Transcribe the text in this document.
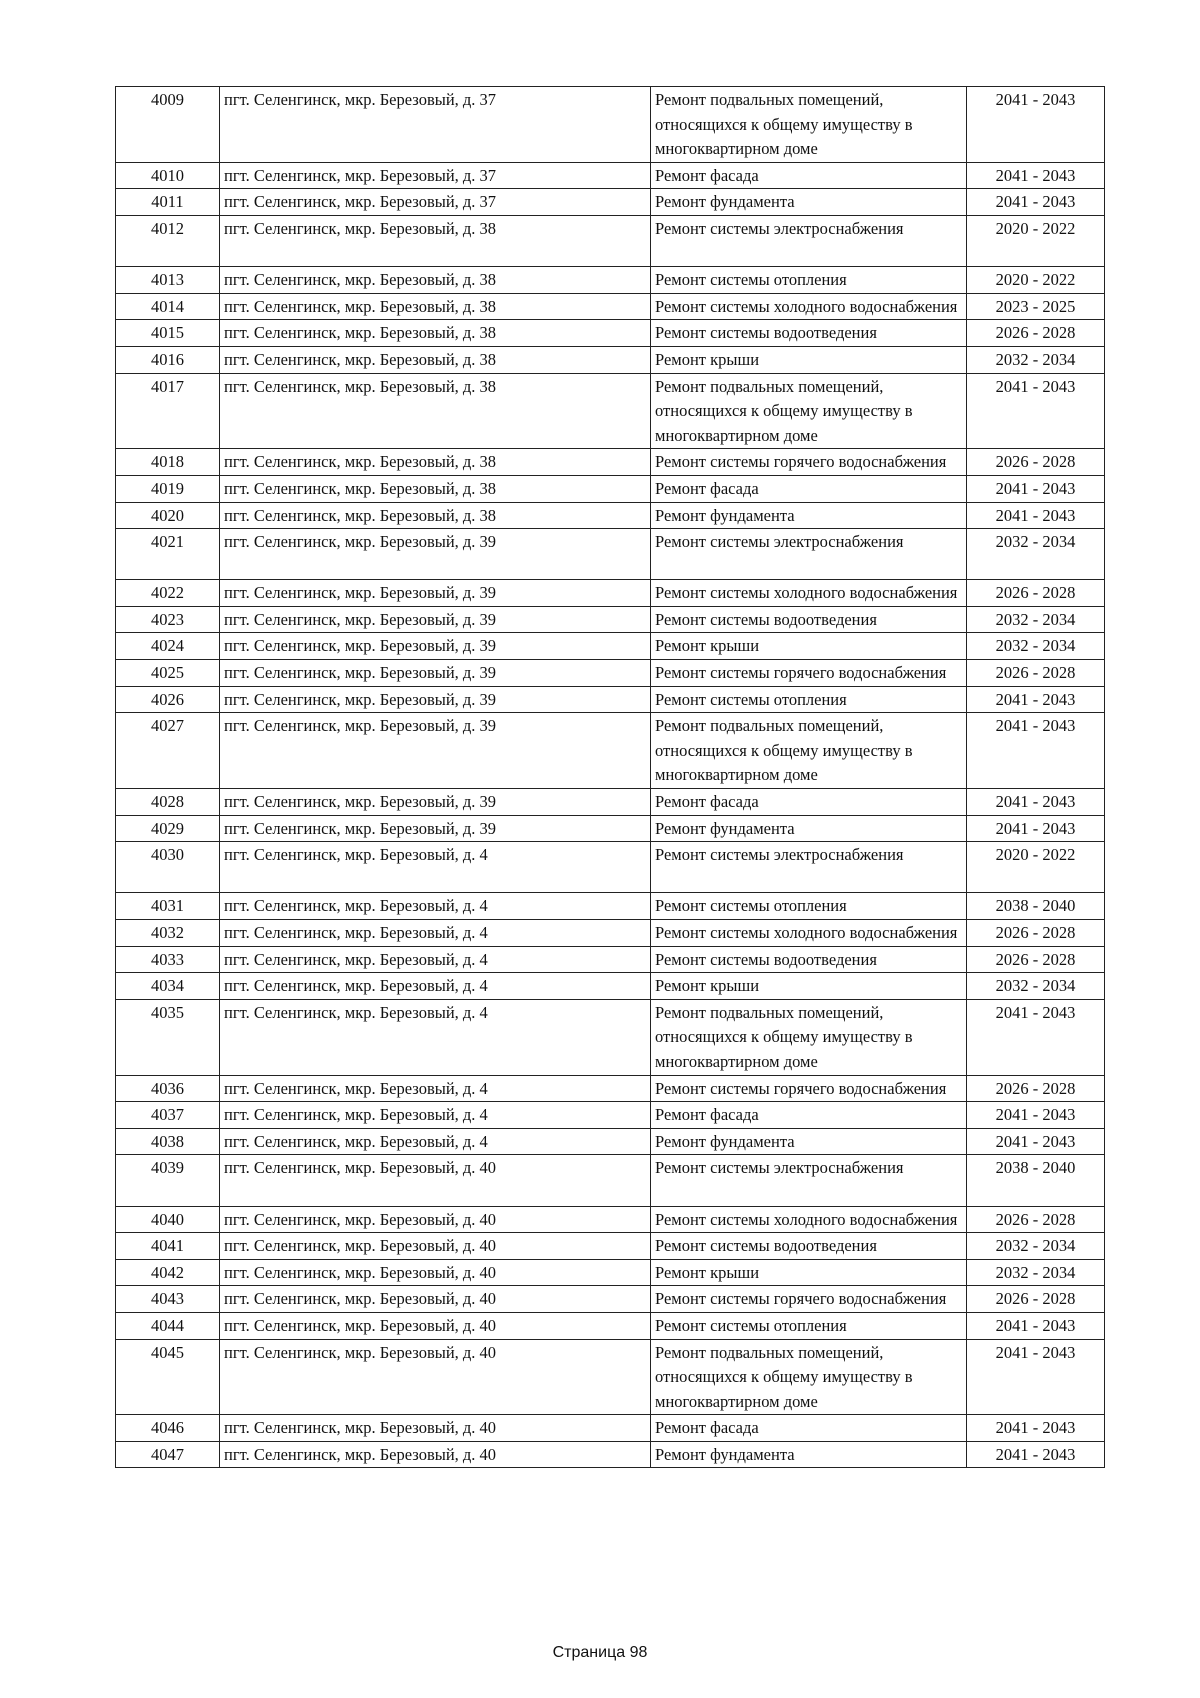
4009	пгт. Селенгинск, мкр. Березовый, д. 37	Ремонт подвальных помещений, относящихся к общему имуществу в многоквартирном доме	2041 - 2043
4010	пгт. Селенгинск, мкр. Березовый, д. 37	Ремонт фасада	2041 - 2043
4011	пгт. Селенгинск, мкр. Березовый, д. 37	Ремонт фундамента	2041 - 2043
4012	пгт. Селенгинск, мкр. Березовый, д. 38	Ремонт системы электроснабжения	2020 - 2022
4013	пгт. Селенгинск, мкр. Березовый, д. 38	Ремонт системы отопления	2020 - 2022
4014	пгт. Селенгинск, мкр. Березовый, д. 38	Ремонт системы холодного водоснабжения	2023 - 2025
4015	пгт. Селенгинск, мкр. Березовый, д. 38	Ремонт системы водоотведения	2026 - 2028
4016	пгт. Селенгинск, мкр. Березовый, д. 38	Ремонт крыши	2032 - 2034
4017	пгт. Селенгинск, мкр. Березовый, д. 38	Ремонт подвальных помещений, относящихся к общему имуществу в многоквартирном доме	2041 - 2043
4018	пгт. Селенгинск, мкр. Березовый, д. 38	Ремонт системы горячего водоснабжения	2026 - 2028
4019	пгт. Селенгинск, мкр. Березовый, д. 38	Ремонт фасада	2041 - 2043
4020	пгт. Селенгинск, мкр. Березовый, д. 38	Ремонт фундамента	2041 - 2043
4021	пгт. Селенгинск, мкр. Березовый, д. 39	Ремонт системы электроснабжения	2032 - 2034
4022	пгт. Селенгинск, мкр. Березовый, д. 39	Ремонт системы холодного водоснабжения	2026 - 2028
4023	пгт. Селенгинск, мкр. Березовый, д. 39	Ремонт системы водоотведения	2032 - 2034
4024	пгт. Селенгинск, мкр. Березовый, д. 39	Ремонт крыши	2032 - 2034
4025	пгт. Селенгинск, мкр. Березовый, д. 39	Ремонт системы горячего водоснабжения	2026 - 2028
4026	пгт. Селенгинск, мкр. Березовый, д. 39	Ремонт системы отопления	2041 - 2043
4027	пгт. Селенгинск, мкр. Березовый, д. 39	Ремонт подвальных помещений, относящихся к общему имуществу в многоквартирном доме	2041 - 2043
4028	пгт. Селенгинск, мкр. Березовый, д. 39	Ремонт фасада	2041 - 2043
4029	пгт. Селенгинск, мкр. Березовый, д. 39	Ремонт фундамента	2041 - 2043
4030	пгт. Селенгинск, мкр. Березовый, д. 4	Ремонт системы электроснабжения	2020 - 2022
4031	пгт. Селенгинск, мкр. Березовый, д. 4	Ремонт системы отопления	2038 - 2040
4032	пгт. Селенгинск, мкр. Березовый, д. 4	Ремонт системы холодного водоснабжения	2026 - 2028
4033	пгт. Селенгинск, мкр. Березовый, д. 4	Ремонт системы водоотведения	2026 - 2028
4034	пгт. Селенгинск, мкр. Березовый, д. 4	Ремонт крыши	2032 - 2034
4035	пгт. Селенгинск, мкр. Березовый, д. 4	Ремонт подвальных помещений, относящихся к общему имуществу в многоквартирном доме	2041 - 2043
4036	пгт. Селенгинск, мкр. Березовый, д. 4	Ремонт системы горячего водоснабжения	2026 - 2028
4037	пгт. Селенгинск, мкр. Березовый, д. 4	Ремонт фасада	2041 - 2043
4038	пгт. Селенгинск, мкр. Березовый, д. 4	Ремонт фундамента	2041 - 2043
4039	пгт. Селенгинск, мкр. Березовый, д. 40	Ремонт системы электроснабжения	2038 - 2040
4040	пгт. Селенгинск, мкр. Березовый, д. 40	Ремонт системы холодного водоснабжения	2026 - 2028
4041	пгт. Селенгинск, мкр. Березовый, д. 40	Ремонт системы водоотведения	2032 - 2034
4042	пгт. Селенгинск, мкр. Березовый, д. 40	Ремонт крыши	2032 - 2034
4043	пгт. Селенгинск, мкр. Березовый, д. 40	Ремонт системы горячего водоснабжения	2026 - 2028
4044	пгт. Селенгинск, мкр. Березовый, д. 40	Ремонт системы отопления	2041 - 2043
4045	пгт. Селенгинск, мкр. Березовый, д. 40	Ремонт подвальных помещений, относящихся к общему имуществу в многоквартирном доме	2041 - 2043
4046	пгт. Селенгинск, мкр. Березовый, д. 40	Ремонт фасада	2041 - 2043
4047	пгт. Селенгинск, мкр. Березовый, д. 40	Ремонт фундамента	2041 - 2043
Страница 98
